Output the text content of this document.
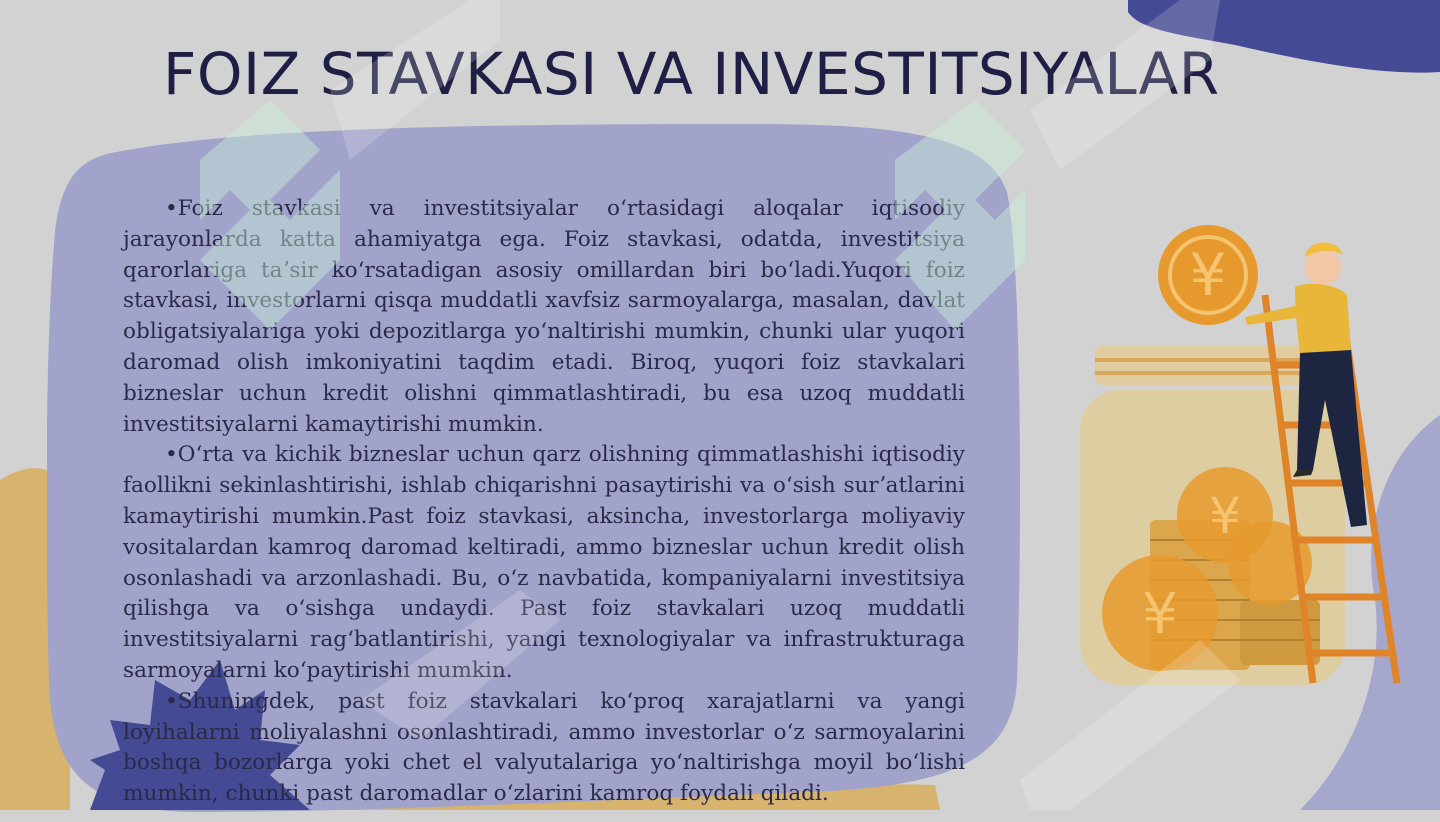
FOIZ STAVKASI VA INVESTITSIYALAR

•Foiz stavkasi va investitsiyalar oʻrtasidagi aloqalar iqtisodiy jarayonlarda katta ahamiyatga ega. Foiz stavkasi, odatda, investitsiya qarorlariga taʼsir koʻrsatadigan asosiy omillardan biri boʻladi.Yuqori foiz stavkasi, investorlarni qisqa muddatli xavfsiz sarmoyalarga, masalan, davlat obligatsiyalariga yoki depozitlarga yoʻnaltirishi mumkin, chunki ular yuqori daromad olish imkoniyatini taqdim etadi. Biroq, yuqori foiz stavkalari bizneslar uchun kredit olishni qimmatlashtiradi, bu esa uzoq muddatli investitsiyalarni kamaytirishi mumkin.

•Oʻrta va kichik bizneslar uchun qarz olishning qimmatlashishi iqtisodiy faollikni sekinlashtirishi, ishlab chiqarishni pasaytirishi va oʻsish surʼatlarini kamaytirishi mumkin.Past foiz stavkasi, aksincha, investorlarga moliyaviy vositalardan kamroq daromad keltiradi, ammo bizneslar uchun kredit olish osonlashadi va arzonlashadi. Bu, oʻz navbatida, kompaniyalarni investitsiya qilishga va oʻsishga undaydi. Past foiz stavkalari uzoq muddatli investitsiyalarni ragʻbatlantirishi, yangi texnologiyalar va infrastrukturaga sarmoyalarni koʻpaytirishi mumkin.

•Shuningdek, past foiz stavkalari koʻproq xarajatlarni va yangi loyihalarni moliyalashni osonlashtiradi, ammo investorlar oʻz sarmoyalarini boshqa bozorlarga yoki chet el valyutalariga yoʻnaltirishga moyil boʻlishi mumkin, chunki past daromadlar oʻzlarini kamroq foydali qiladi.

¥
¥
¥
